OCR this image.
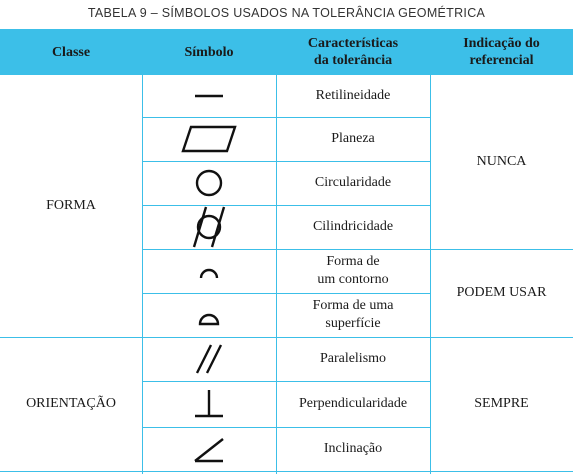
TABELA 9 – SÍMBOLOS USADOS NA TOLERÂNCIA GEOMÉTRICA
Classe	Símbolo
Características da tolerância
Indicação do referencial
FORMA
ORIENTAÇÃO
NUNCA
PODEM USAR
SEMPRE
Retilineidade
Planeza
Circularidade
Cilindricidade
Forma de um contorno
Forma de uma superfície
Paralelismo
Perpendicularidade
Inclinação
